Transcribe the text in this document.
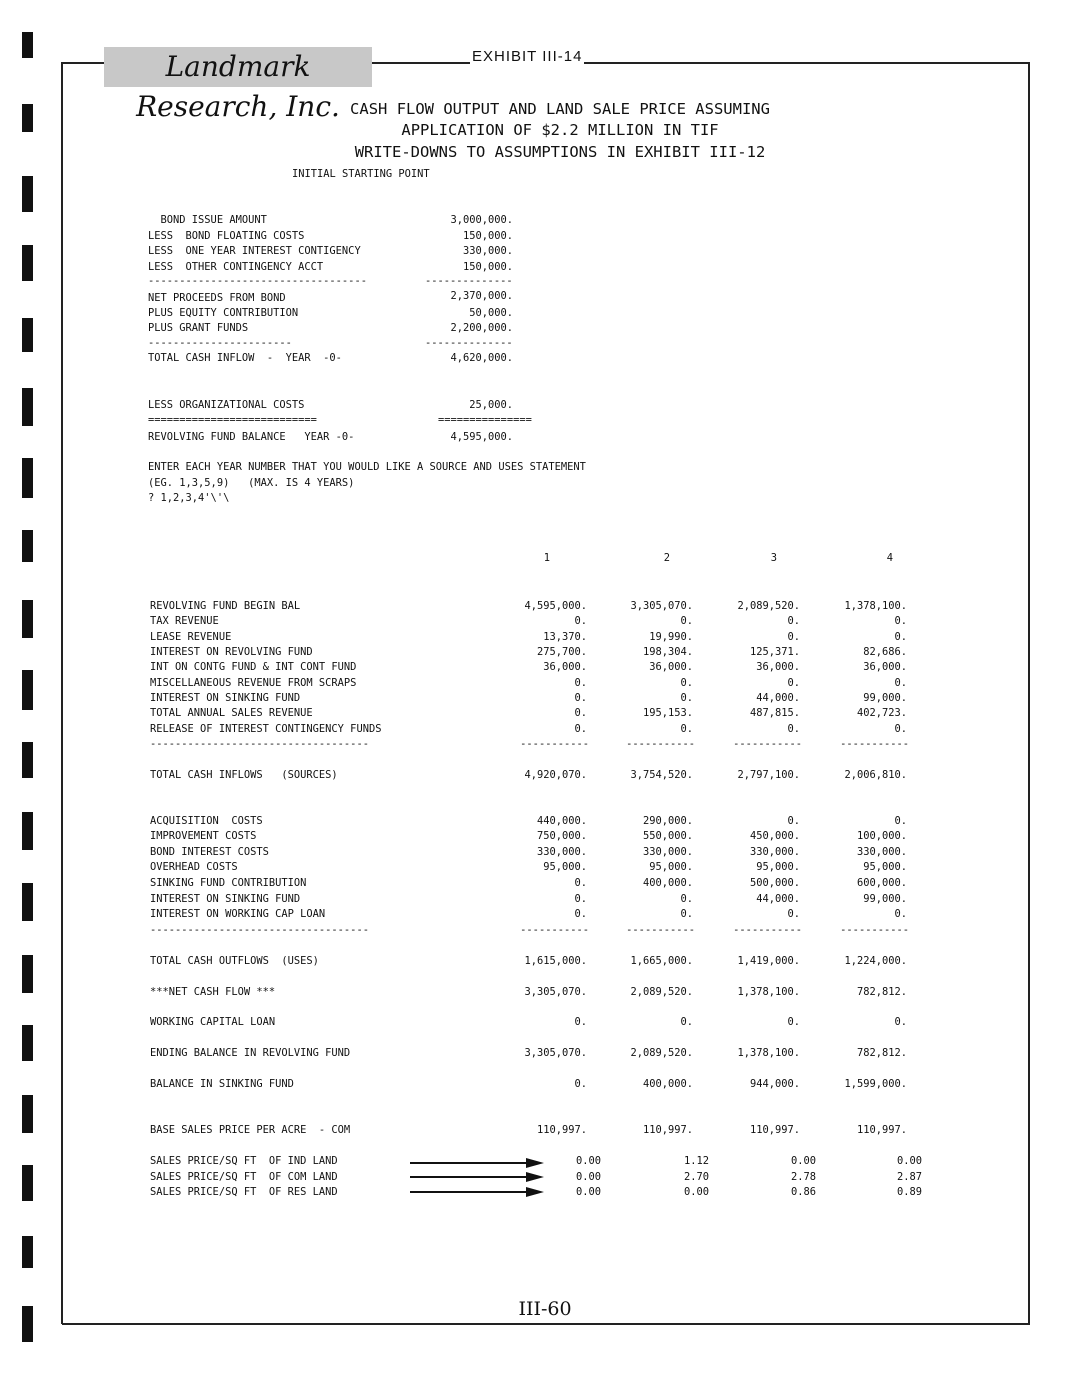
Landmark Research, Inc.
EXHIBIT III-14
CASH FLOW OUTPUT AND LAND SALE PRICE ASSUMING
APPLICATION OF $2.2 MILLION IN TIF
WRITE-DOWNS TO ASSUMPTIONS IN EXHIBIT III-12
INITIAL STARTING POINT
BOND ISSUE AMOUNT	3,000,000.
LESS  BOND FLOATING COSTS	150,000.
LESS  ONE YEAR INTEREST CONTIGENCY	330,000.
LESS  OTHER CONTINGENCY ACCT	150,000.
-----------------------------------	--------------
NET PROCEEDS FROM BOND	2,370,000.
PLUS EQUITY CONTRIBUTION	50,000.
PLUS GRANT FUNDS	2,200,000.
-----------------------	--------------
TOTAL CASH INFLOW  -  YEAR  -0-	4,620,000.
LESS ORGANIZATIONAL COSTS	25,000.
===========================	===============
REVOLVING FUND BALANCE   YEAR -0-	4,595,000.
ENTER EACH YEAR NUMBER THAT YOU WOULD LIKE A SOURCE AND USES STATEMENT
(EG. 1,3,5,9)   (MAX. IS 4 YEARS)
? 1,2,3,4'\'\
1	2	3	4
REVOLVING FUND BEGIN BAL	4,595,000.	3,305,070.	2,089,520.	1,378,100.
TAX REVENUE	0.	0.	0.	0.
LEASE REVENUE	13,370.	19,990.	0.	0.
INTEREST ON REVOLVING FUND	275,700.	198,304.	125,371.	82,686.
INT ON CONTG FUND & INT CONT FUND	36,000.	36,000.	36,000.	36,000.
MISCELLANEOUS REVENUE FROM SCRAPS	0.	0.	0.	0.
INTEREST ON SINKING FUND	0.	0.	44,000.	99,000.
TOTAL ANNUAL SALES REVENUE	0.	195,153.	487,815.	402,723.
RELEASE OF INTEREST CONTINGENCY FUNDS	0.	0.	0.	0.
-----------------------------------	-----------	-----------	-----------	-----------
TOTAL CASH INFLOWS   (SOURCES)	4,920,070.	3,754,520.	2,797,100.	2,006,810.
ACQUISITION  COSTS	440,000.	290,000.	0.	0.
IMPROVEMENT COSTS	750,000.	550,000.	450,000.	100,000.
BOND INTEREST COSTS	330,000.	330,000.	330,000.	330,000.
OVERHEAD COSTS	95,000.	95,000.	95,000.	95,000.
SINKING FUND CONTRIBUTION	0.	400,000.	500,000.	600,000.
INTEREST ON SINKING FUND	0.	0.	44,000.	99,000.
INTEREST ON WORKING CAP LOAN	0.	0.	0.	0.
-----------------------------------	-----------	-----------	-----------	-----------
TOTAL CASH OUTFLOWS  (USES)	1,615,000.	1,665,000.	1,419,000.	1,224,000.
***NET CASH FLOW ***	3,305,070.	2,089,520.	1,378,100.	782,812.
WORKING CAPITAL LOAN	0.	0.	0.	0.
ENDING BALANCE IN REVOLVING FUND	3,305,070.	2,089,520.	1,378,100.	782,812.
BALANCE IN SINKING FUND	0.	400,000.	944,000.	1,599,000.
BASE SALES PRICE PER ACRE  - COM	110,997.	110,997.	110,997.	110,997.
SALES PRICE/SQ FT  OF IND LAND	0.00	1.12	0.00	0.00
SALES PRICE/SQ FT  OF COM LAND	0.00	2.70	2.78	2.87
SALES PRICE/SQ FT  OF RES LAND	0.00	0.00	0.86	0.89
III-60
